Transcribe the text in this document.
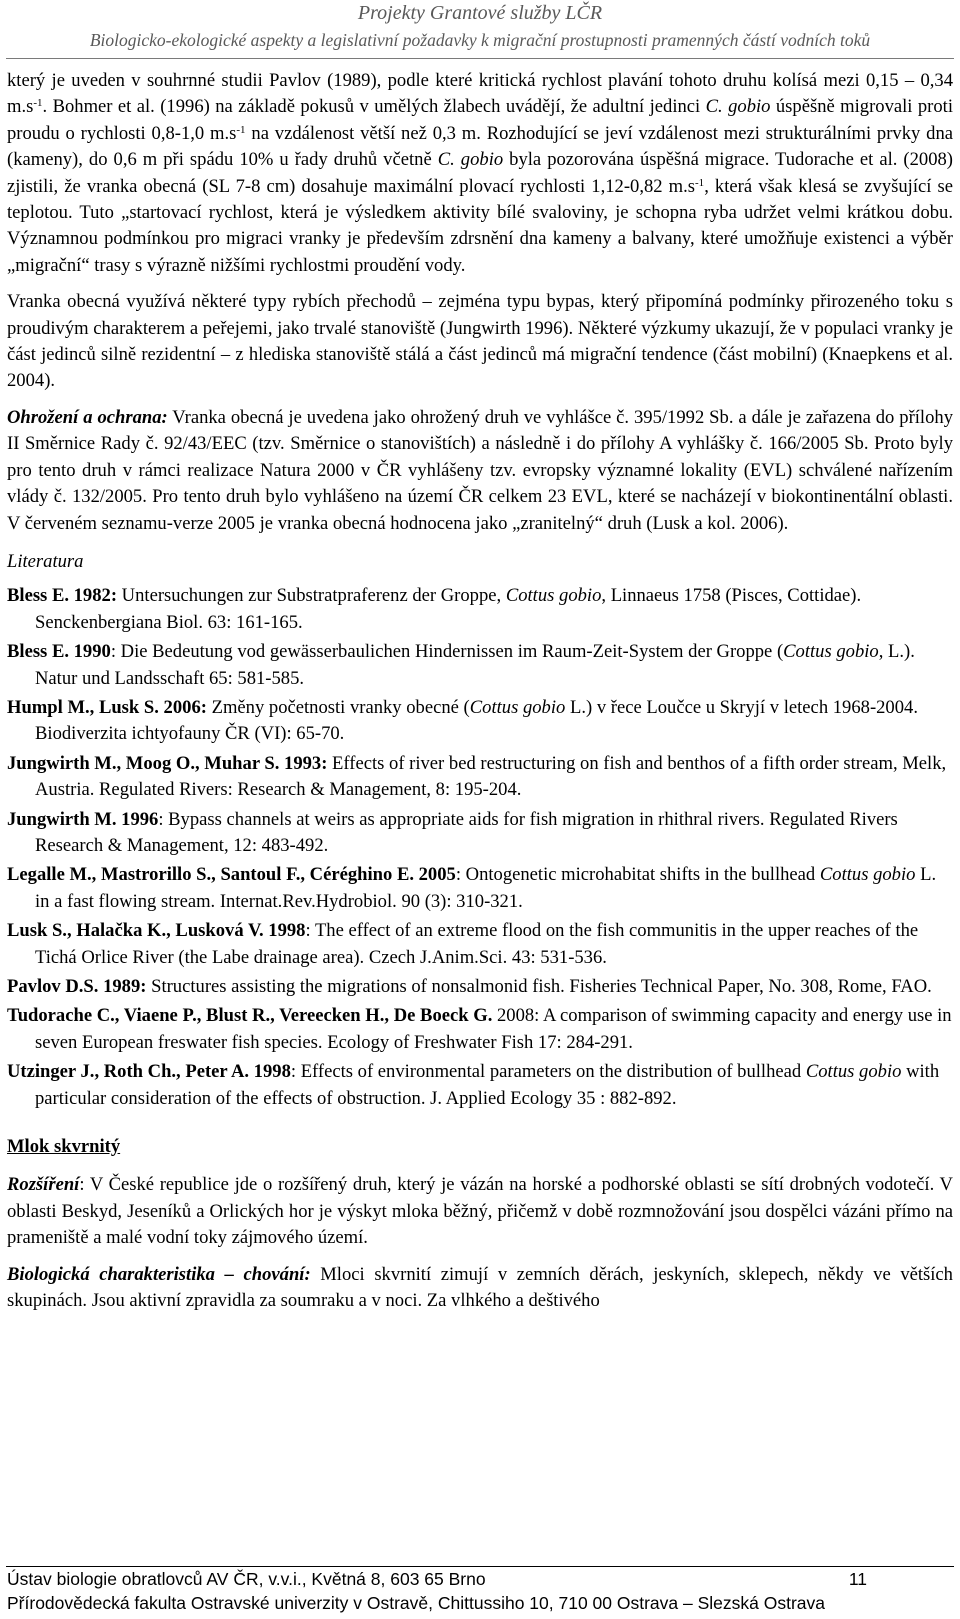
Projekty Grantové služby LČR
Biologicko-ekologické aspekty a legislativní požadavky k migrační prostupnosti pramenných částí vodních toků

který je uveden v souhrnné studii Pavlov (1989), podle které kritická rychlost plavání tohoto druhu kolísá mezi 0,15 – 0,34 $m.s^{-1}$. Bohmer et al. (1996) na základě pokusů v umělých žlabech uvádějí, že adultní jedinci C. gobio úspěšně migrovali proti proudu o rychlosti 0,8-1,0 $m.s^{-1}$ na vzdálenost větší než 0,3 m. Rozhodující se jeví vzdálenost mezi strukturálními prvky dna (kameny), do 0,6 m při spádu 10% u řady druhů včetně C. gobio byla pozorována úspěšná migrace. Tudorache et al. (2008) zjistili, že vranka obecná (SL 7-8 cm) dosahuje maximální plovací rychlosti 1,12-0,82 $m.s^{-1}$, která však klesá se zvyšující se teplotou. Tuto „startovací rychlost, která je výsledkem aktivity bílé svaloviny, je schopna ryba udržet velmi krátkou dobu. Významnou podmínkou pro migraci vranky je především zdrsnění dna kameny a balvany, které umožňuje existenci a výběr „migrační“ trasy s výrazně nižšími rychlostmi proudění vody.

Vranka obecná využívá některé typy rybích přechodů – zejména typu bypas, který připomíná podmínky přirozeného toku s proudivým charakterem a peřejemi, jako trvalé stanoviště (Jungwirth 1996). Některé výzkumy ukazují, že v populaci vranky je část jedinců silně rezidentní – z hlediska stanoviště stálá a část jedinců má migrační tendence (část mobilní) (Knaepkens et al. 2004).

Ohrožení a ochrana: Vranka obecná je uvedena jako ohrožený druh ve vyhlášce č. 395/1992 Sb. a dále je zařazena do přílohy II Směrnice Rady č. 92/43/EEC (tzv. Směrnice o stanovištích) a následně i do přílohy A vyhlášky č. 166/2005 Sb. Proto byly pro tento druh v rámci realizace Natura 2000 v ČR vyhlášeny tzv. evropsky významné lokality (EVL) schválené nařízením vlády č. 132/2005. Pro tento druh bylo vyhlášeno na území ČR celkem 23 EVL, které se nacházejí v biokontinentální oblasti. V červeném seznamu-verze 2005 je vranka obecná hodnocena jako „zranitelný“ druh (Lusk a kol. 2006).

Literatura

Bless E. 1982: Untersuchungen zur Substratpraferenz der Groppe, Cottus gobio, Linnaeus 1758 (Pisces, Cottidae). Senckenbergiana Biol. 63: 161-165.

Bless E. 1990: Die Bedeutung vod gewässerbaulichen Hindernissen im Raum-Zeit-System der Groppe (Cottus gobio, L.). Natur und Landsschaft 65: 581-585.

Humpl M., Lusk S. 2006: Změny početnosti vranky obecné (Cottus gobio L.) v řece Loučce u Skryjí v letech 1968-2004. Biodiverzita ichtyofauny ČR (VI): 65-70.

Jungwirth M., Moog O., Muhar S. 1993: Effects of river bed restructuring on fish and benthos of a fifth order stream, Melk, Austria. Regulated Rivers: Research & Management, 8: 195-204.

Jungwirth M. 1996: Bypass channels at weirs as appropriate aids for fish migration in rhithral rivers. Regulated Rivers Research & Management, 12: 483-492.

Legalle M., Mastrorillo S., Santoul F., Céréghino E. 2005: Ontogenetic microhabitat shifts in the bullhead Cottus gobio L. in a fast flowing stream. Internat.Rev.Hydrobiol. 90 (3): 310-321.

Lusk S., Halačka K., Lusková V. 1998: The effect of an extreme flood on the fish communitis in the upper reaches of the Tichá Orlice River (the Labe drainage area). Czech J.Anim.Sci. 43: 531-536.

Pavlov D.S. 1989: Structures assisting the migrations of nonsalmonid fish. Fisheries Technical Paper, No. 308, Rome, FAO.

Tudorache C., Viaene P., Blust R., Vereecken H., De Boeck G. 2008: A comparison of swimming capacity and energy use in seven European freswater fish species. Ecology of Freshwater Fish 17: 284-291.

Utzinger J., Roth Ch., Peter A. 1998: Effects of environmental parameters on the distribution of bullhead Cottus gobio with particular consideration of the effects of obstruction. J. Applied Ecology 35 : 882-892.

Mlok skvrnitý

Rozšíření: V České republice jde o rozšířený druh, který je vázán na horské a podhorské oblasti se sítí drobných vodotečí. V oblasti Beskyd, Jeseníků a Orlických hor je výskyt mloka běžný, přičemž v době rozmnožování jsou dospělci vázáni přímo na prameniště a malé vodní toky zájmového území.

Biologická charakteristika – chování: Mloci skvrnití zimují v zemních děrách, jeskyních, sklepech, někdy ve větších skupinách. Jsou aktivní zpravidla za soumraku a v noci. Za vlhkého a deštivého

Ústav biologie obratlovců AV ČR, v.v.i., Květná 8, 603 65 Brno	11
Přírodovědecká fakulta Ostravské univerzity v Ostravě, Chittussiho 10, 710 00 Ostrava – Slezská Ostrava
